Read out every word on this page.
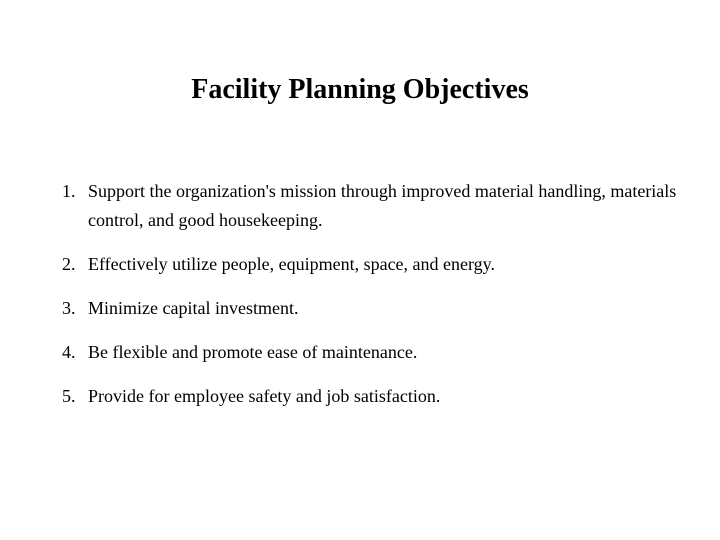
Facility Planning Objectives
1. Support the organization's mission through improved material handling, materials control, and good housekeeping.
2. Effectively utilize people, equipment, space, and energy.
3. Minimize capital investment.
4. Be flexible and promote ease of maintenance.
5. Provide for employee safety and job satisfaction.
